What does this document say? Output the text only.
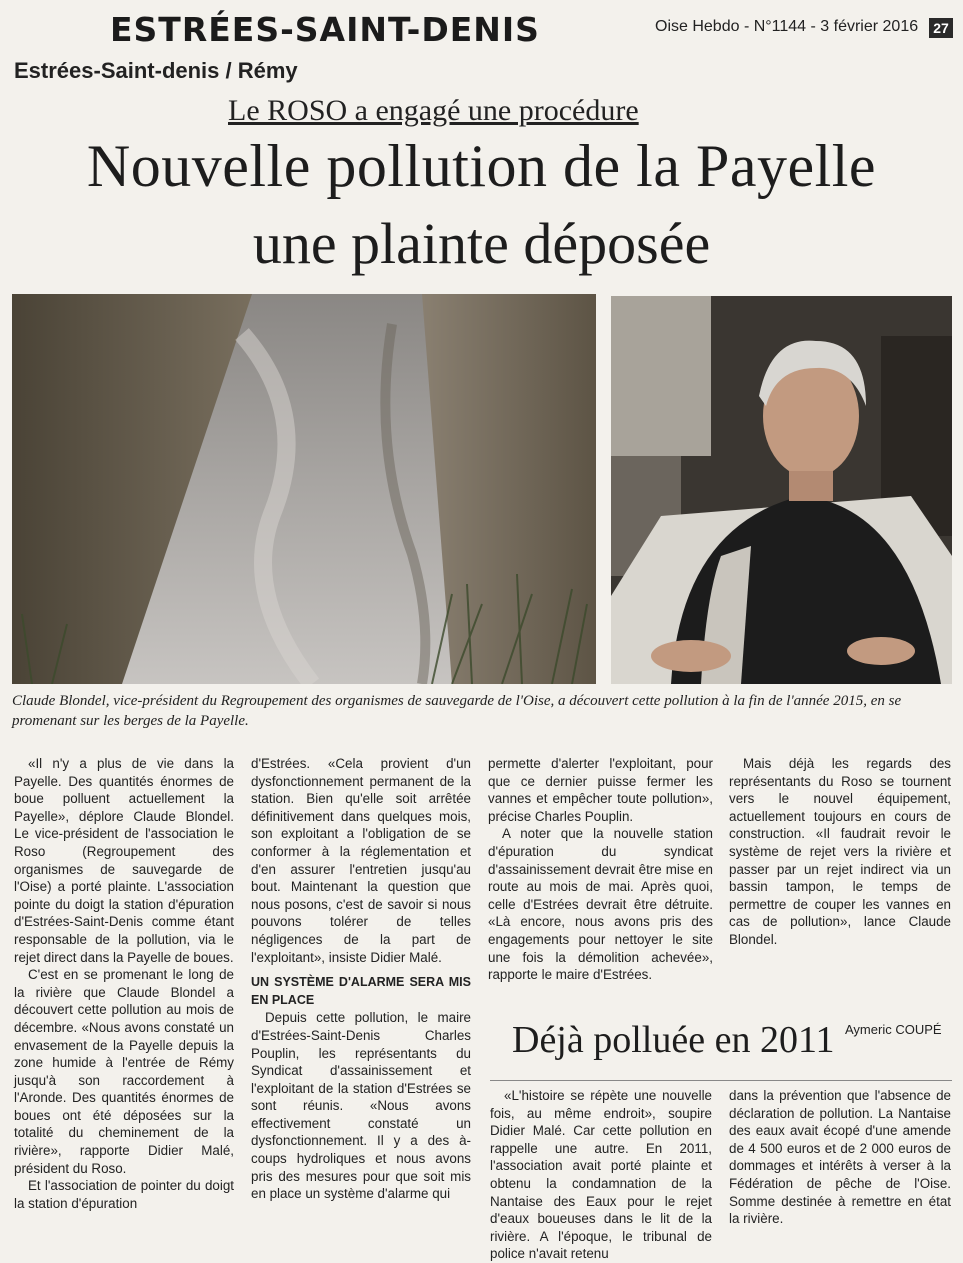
ESTRÉES-SAINT-DENIS	Oise Hebdo - N°1144 - 3 février 2016	27
Estrées-Saint-denis / Rémy
Le ROSO a engagé une procédure
Nouvelle pollution de la Payelle
une plainte déposée
Claude Blondel, vice-président du Regroupement des organismes de sauvegarde de l'Oise, a découvert cette pollution à la fin de l'année 2015, en se promenant sur les berges de la Payelle.

«Il n'y a plus de vie dans la Payelle. Des quantités énormes de boue polluent actuellement la Payelle», déplore Claude Blondel. Le vice-président de l'association le Roso (Regroupement des organismes de sauvegarde de l'Oise) a porté plainte. L'association pointe du doigt la station d'épuration d'Estrées-Saint-Denis comme étant responsable de la pollution, via le rejet direct dans la Payelle de boues.

C'est en se promenant le long de la rivière que Claude Blondel a découvert cette pollution au mois de décembre. «Nous avons constaté un envasement de la Payelle depuis la zone humide à l'entrée de Rémy jusqu'à son raccordement à l'Aronde. Des quantités énormes de boues ont été déposées sur la totalité du cheminement de la rivière», rapporte Didier Malé, président du Roso.

Et l'association de pointer du doigt la station d'épuration

d'Estrées. «Cela provient d'un dysfonctionnement permanent de la station. Bien qu'elle soit arrêtée définitivement dans quelques mois, son exploitant a l'obligation de se conformer à la réglementation et d'en assurer l'entretien jusqu'au bout. Maintenant la question que nous posons, c'est de savoir si nous pouvons tolérer de telles négligences de la part de l'exploitant», insiste Didier Malé.

UN SYSTÈME D'ALARME SERA MIS EN PLACE

Depuis cette pollution, le maire d'Estrées-Saint-Denis Charles Pouplin, les représentants du Syndicat d'assainissement et l'exploitant de la station d'Estrées se sont réunis. «Nous avons effectivement constaté un dysfonctionnement. Il y a des à-coups hydroliques et nous avons pris des mesures pour que soit mis en place un système d'alarme qui

permette d'alerter l'exploitant, pour que ce dernier puisse fermer les vannes et empêcher toute pollution», précise Charles Pouplin.

A noter que la nouvelle station d'épuration du syndicat d'assainissement devrait être mise en route au mois de mai. Après quoi, celle d'Estrées devrait être détruite. «Là encore, nous avons pris des engagements pour nettoyer le site une fois la démolition achevée», rapporte le maire d'Estrées.

Mais déjà les regards des représentants du Roso se tournent vers le nouvel équipement, actuellement toujours en cours de construction. «Il faudrait revoir le système de rejet vers la rivière et passer par un rejet indirect via un bassin tampon, le temps de permettre de couper les vannes en cas de pollution», lance Claude Blondel.

Aymeric COUPÉ
Déjà polluée en 2011

«L'histoire se répète une nouvelle fois, au même endroit», soupire Didier Malé. Car cette pollution en rappelle une autre. En 2011, l'association avait porté plainte et obtenu la condamnation de la Nantaise des Eaux pour le rejet d'eaux boueuses dans le lit de la rivière. A l'époque, le tribunal de police n'avait retenu

dans la prévention que l'absence de déclaration de pollution. La Nantaise des eaux avait écopé d'une amende de 4 500 euros et de 2 000 euros de dommages et intérêts à verser à la Fédération de pêche de l'Oise. Somme destinée à remettre en état la rivière.
